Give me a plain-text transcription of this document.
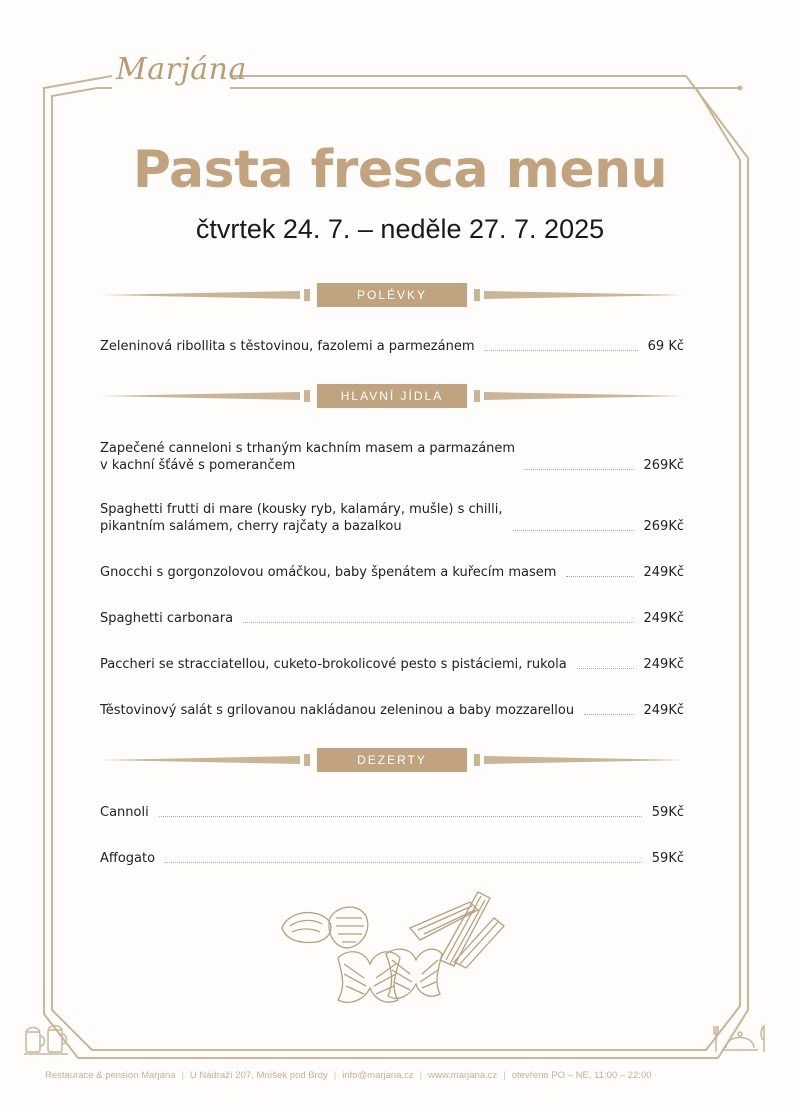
Marjána
Pasta fresca menu
čtvrtek 24. 7. – neděle 27. 7. 2025
POLÉVKY
Zeleninová ribollita s těstovinou, fazolemi a parmezánem	69 Kč
HLAVNÍ JÍDLA
Zapečené canneloni s trhaným kachním masem a parmazánem
v kachní šťávě s pomerančem	269Kč
Spaghetti frutti di mare (kousky ryb, kalamáry, mušle) s chilli,
pikantním salámem, cherry rajčaty a bazalkou	269Kč
Gnocchi s gorgonzolovou omáčkou, baby špenátem a kuřecím masem	249Kč
Spaghetti carbonara	249Kč
Paccheri se stracciatellou, cuketo-brokolicové pesto s pistáciemi, rukola	249Kč
Těstovinový salát s grilovanou nakládanou zeleninou a baby mozzarellou	249Kč
DEZERTY
Cannoli	59Kč
Affogato	59Kč
Restaurace & pension Marjána | U Nádraží 207, Mníšek pod Brdy | info@marjana.cz | www.marjana.cz | otevřeno PO – NE, 11:00 – 22:00
